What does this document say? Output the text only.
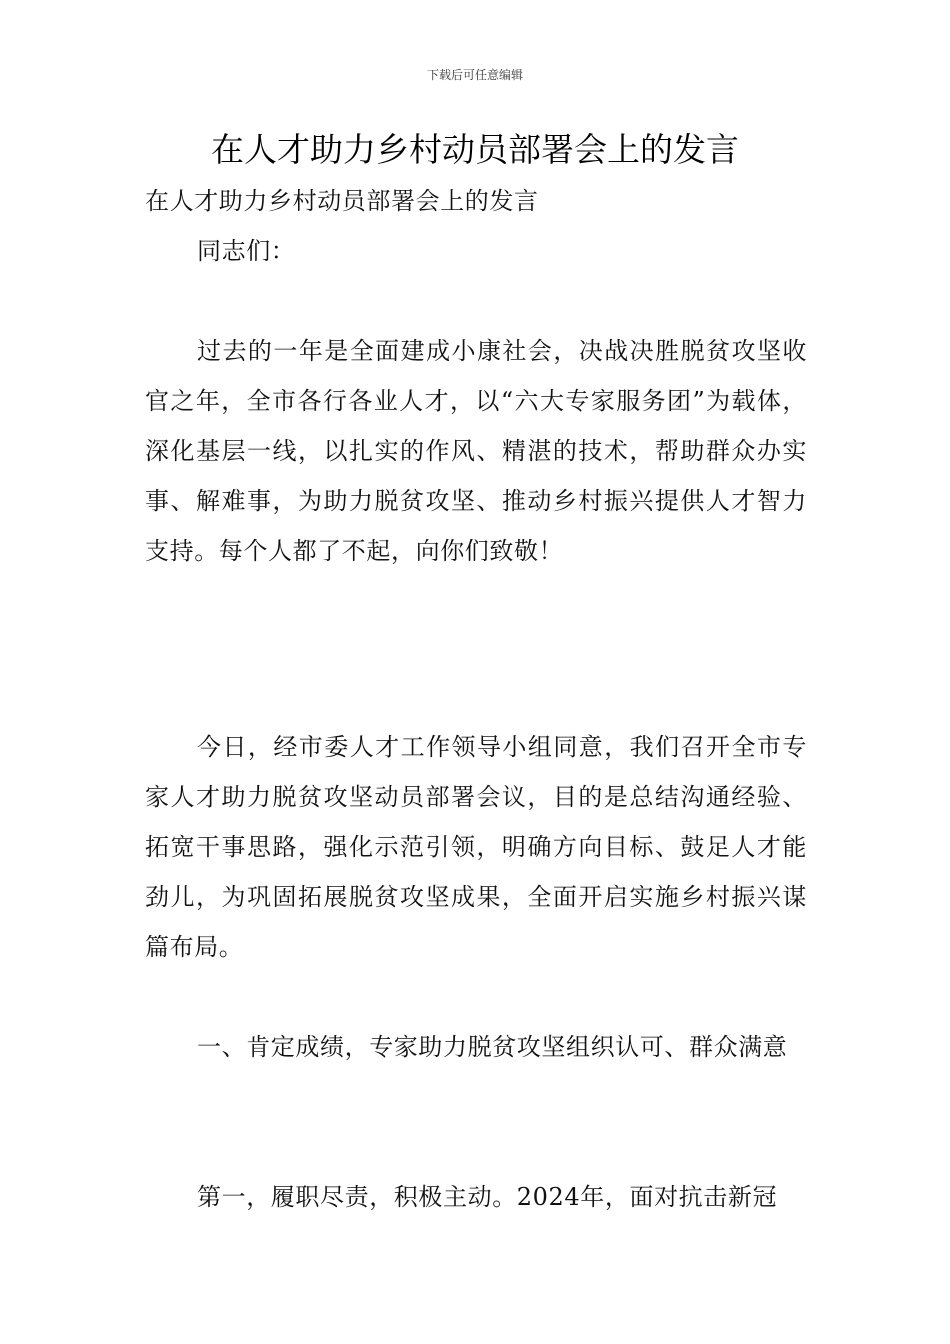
下载后可任意编辑
在人才助力乡村动员部署会上的发言

在人才助力乡村动员部署会上的发言

同志们：

过去的一年是全面建成小康社会，决战决胜脱贫攻坚收官之年，全市各行各业人才，以“六大专家服务团”为载体，深化基层一线，以扎实的作风、精湛的技术，帮助群众办实事、解难事，为助力脱贫攻坚、推动乡村振兴提供人才智力支持。每个人都了不起，向你们致敬！

今日，经市委人才工作领导小组同意，我们召开全市专家人才助力脱贫攻坚动员部署会议，目的是总结沟通经验、拓宽干事思路，强化示范引领，明确方向目标、鼓足人才能劲儿，为巩固拓展脱贫攻坚成果，全面开启实施乡村振兴谋篇布局。

一、肯定成绩，专家助力脱贫攻坚组织认可、群众满意

第一，履职尽责，积极主动。2024年，面对抗击新冠
